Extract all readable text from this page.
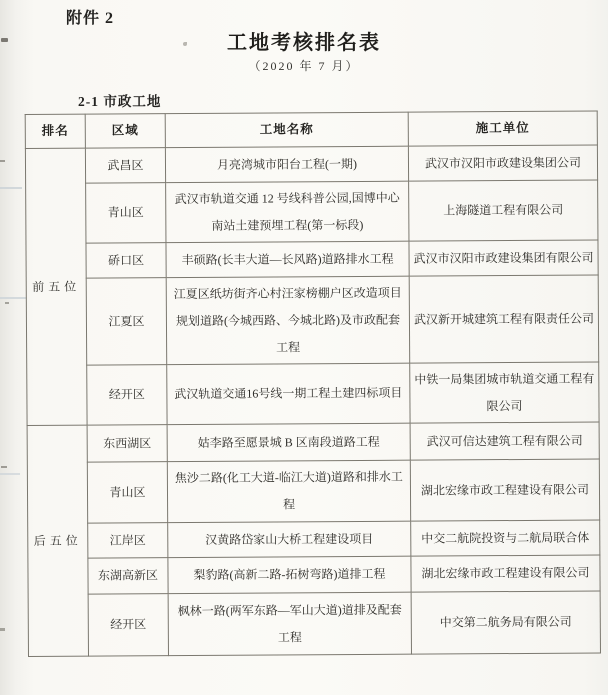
附件 2
工地考核排名表
（2020 年 7 月）
2-1 市政工地
排名	区域	工地名称	施工单位
前五位	武昌区	月亮湾城市阳台工程(一期)	武汉市汉阳市政建设集团公司
	青山区	武汉市轨道交通 12 号线科普公园,国博中心南站土建预埋工程(第一标段)	上海隧道工程有限公司
	硚口区	丰硕路(长丰大道—长风路)道路排水工程	武汉市汉阳市政建设集团有限公司
	江夏区	江夏区纸坊街齐心村汪家榜棚户区改造项目规划道路(今城西路、今城北路)及市政配套工程	武汉新开城建筑工程有限责任公司
	经开区	武汉轨道交通16号线一期工程土建四标项目	中铁一局集团城市轨道交通工程有限公司
后五位	东西湖区	姑李路至愿景城 B 区南段道路工程	武汉可信达建筑工程有限公司
	青山区	焦沙二路(化工大道-临江大道)道路和排水工程	湖北宏缘市政工程建设有限公司
	江岸区	汉黄路岱家山大桥工程建设项目	中交二航院投资与二航局联合体
	东湖高新区	梨豹路(高新二路-拓树弯路)道排工程	湖北宏缘市政工程建设有限公司
	经开区	枫林一路(两军东路—军山大道)道排及配套工程	中交第二航务局有限公司
